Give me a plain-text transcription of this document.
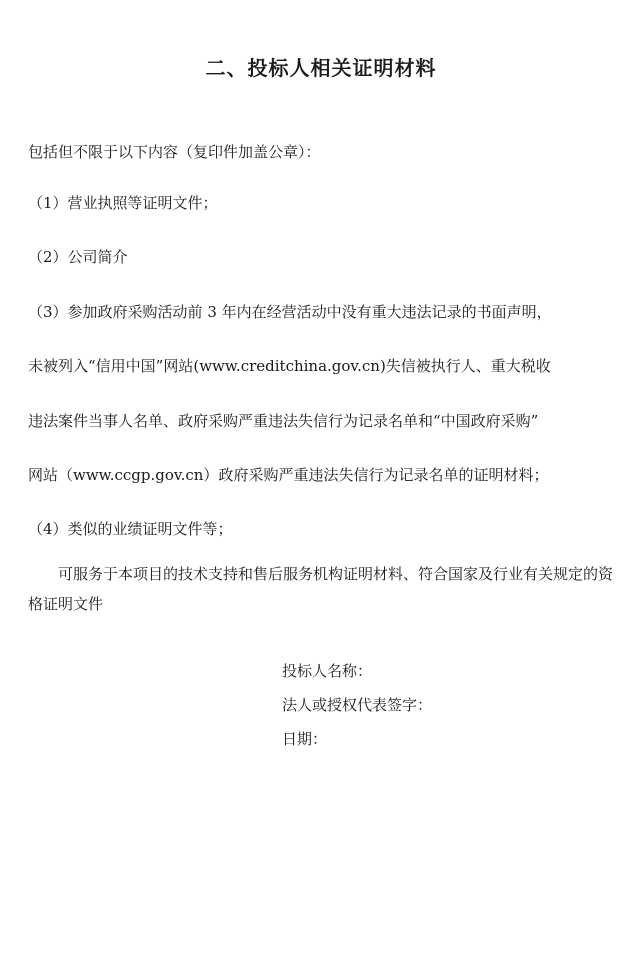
二、投标人相关证明材料

包括但不限于以下内容（复印件加盖公章）：

（1）营业执照等证明文件；

（2）公司简介

（3）参加政府采购活动前 3 年内在经营活动中没有重大违法记录的书面声明，

未被列入“信用中国”网站(www.creditchina.gov.cn)失信被执行人、重大税收

违法案件当事人名单、政府采购严重违法失信行为记录名单和“中国政府采购”

网站（www.ccgp.gov.cn）政府采购严重违法失信行为记录名单的证明材料；

（4）类似的业绩证明文件等；

可服务于本项目的技术支持和售后服务机构证明材料、符合国家及行业有关规定的资格证明文件

投标人名称：

法人或授权代表签字：

日期：
